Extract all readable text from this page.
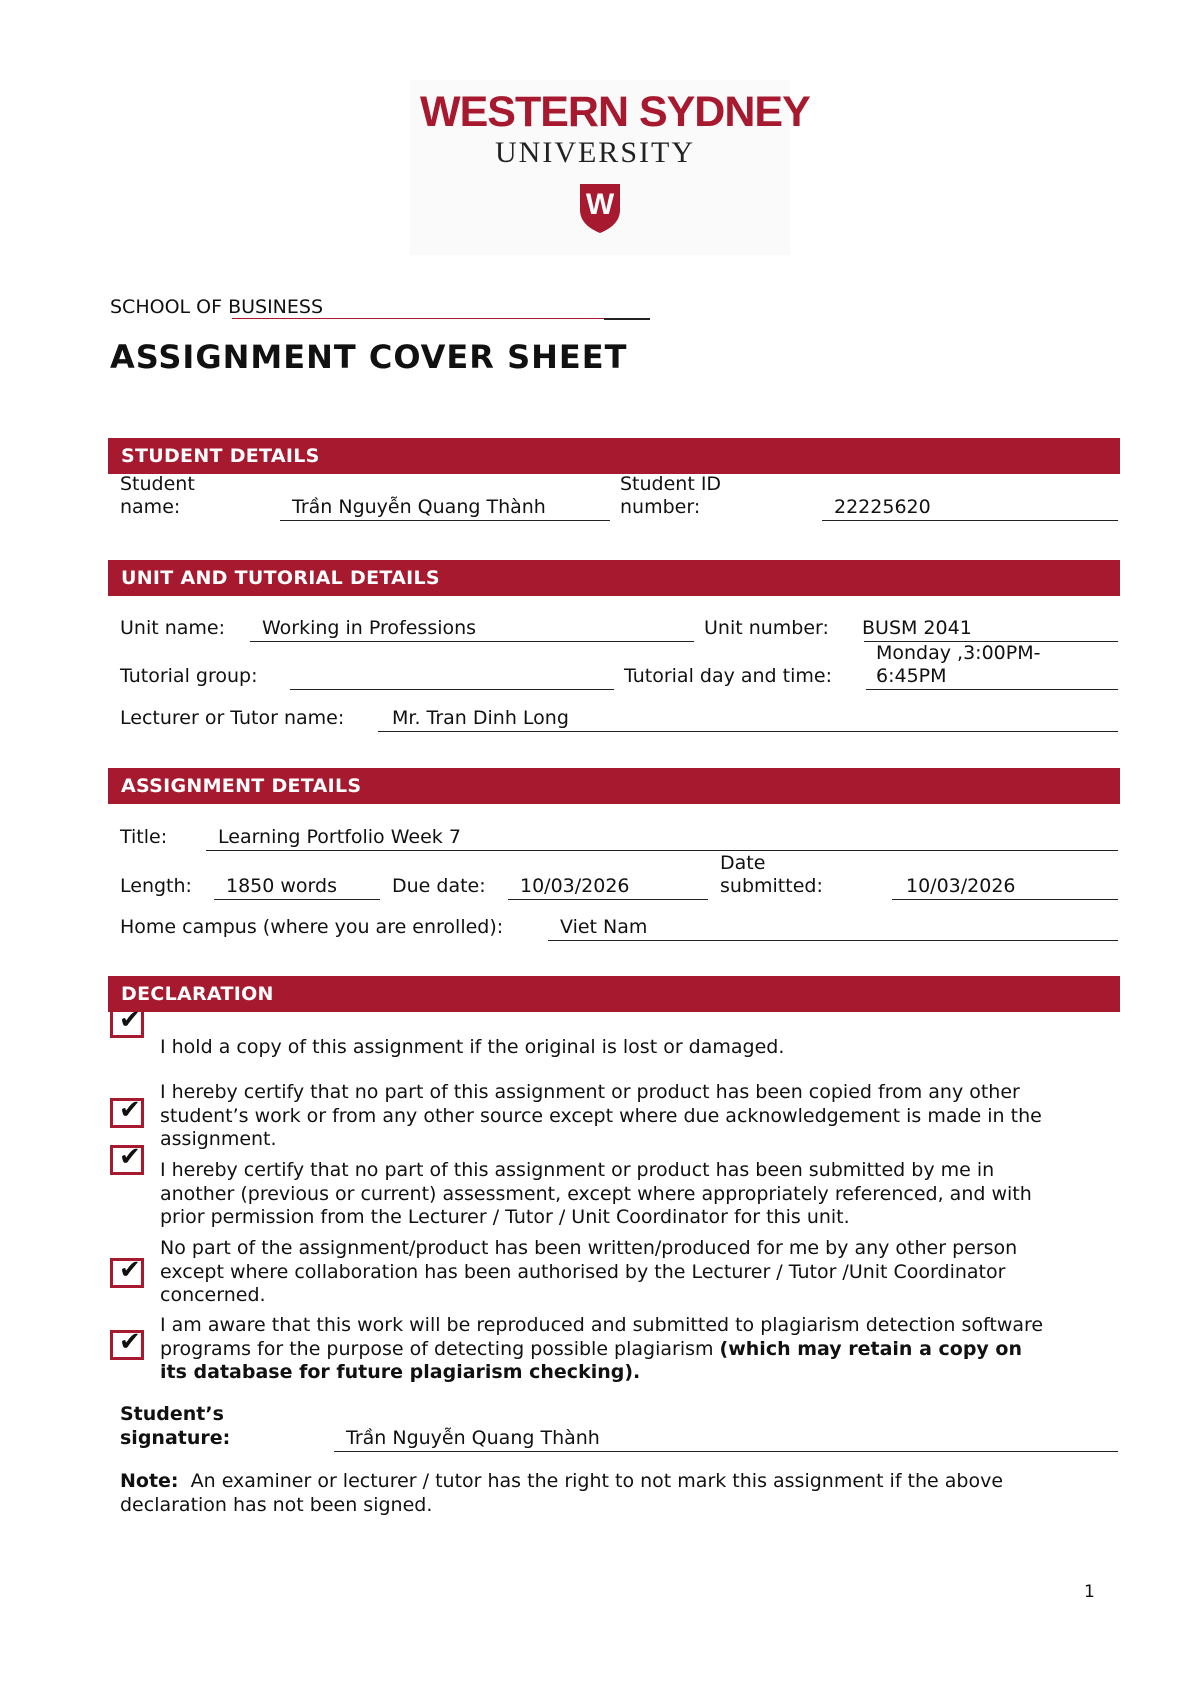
WESTERN SYDNEY
UNIVERSITY
W
SCHOOL OF BUSINESS
ASSIGNMENT COVER SHEET
STUDENT DETAILS
Student
name:	Trần Nguyễn Quang Thành
Student ID
number:	22225620
UNIT AND TUTORIAL DETAILS
Unit name: Working in Professions	Unit number: BUSM 2041
Tutorial group:	Tutorial day and time:
Monday ,3:00PM-
6:45PM
Lecturer or Tutor name:	Mr. Tran Dinh Long
ASSIGNMENT DETAILS
Title:	Learning Portfolio Week 7
Length: 1850 words	Due date: 10/03/2026
Date
submitted:	10/03/2026
Home campus (where you are enrolled):	Viet Nam
DECLARATION
✔
I hold a copy of this assignment if the original is lost or damaged.
✔
I hereby certify that no part of this assignment or product has been copied from any other
student’s work or from any other source except where due acknowledgement is made in the
assignment.
✔ I hereby certify that no part of this assignment or product has been submitted by me in
another (previous or current) assessment, except where appropriately referenced, and with
prior permission from the Lecturer / Tutor / Unit Coordinator for this unit.
✔
No part of the assignment/product has been written/produced for me by any other person
except where collaboration has been authorised by the Lecturer / Tutor /Unit Coordinator
concerned.
✔
I am aware that this work will be reproduced and submitted to plagiarism detection software
programs for the purpose of detecting possible plagiarism (which may retain a copy on
its database for future plagiarism checking).
Student’s
signature:	Trần Nguyễn Quang Thành
Note: An examiner or lecturer / tutor has the right to not mark this assignment if the above
declaration has not been signed.
1
